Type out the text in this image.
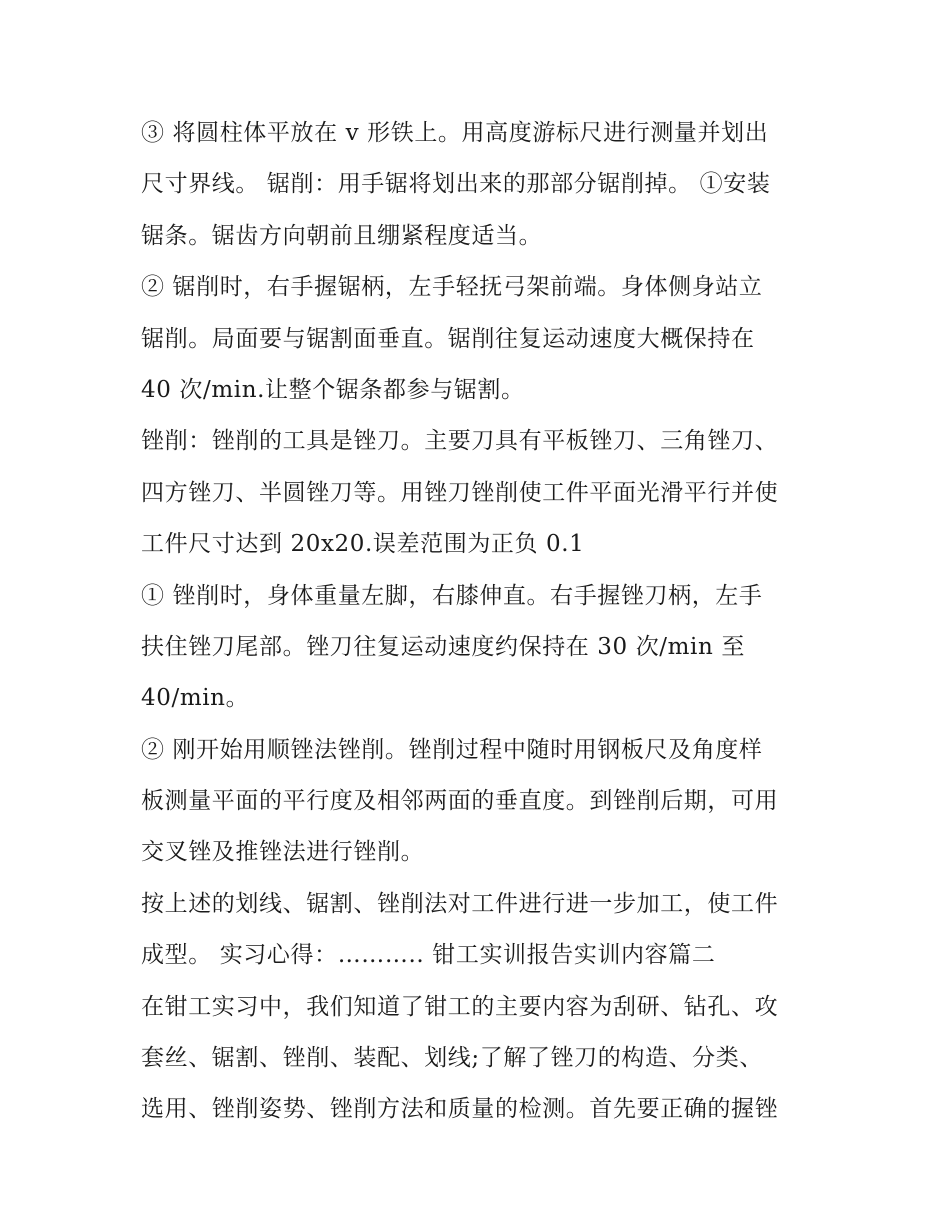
③ 将圆柱体平放在 v 形铁上。用高度游标尺进行测量并划出
尺寸界线。 锯削：用手锯将划出来的那部分锯削掉。 ①安装
锯条。锯齿方向朝前且绷紧程度适当。
② 锯削时，右手握锯柄，左手轻抚弓架前端。身体侧身站立
锯削。局面要与锯割面垂直。锯削往复运动速度大概保持在
40 次/min.让整个锯条都参与锯割。
锉削：锉削的工具是锉刀。主要刀具有平板锉刀、三角锉刀、
四方锉刀、半圆锉刀等。用锉刀锉削使工件平面光滑平行并使
工件尺寸达到 20x20.误差范围为正负 0.1
① 锉削时，身体重量左脚，右膝伸直。右手握锉刀柄，左手
扶住锉刀尾部。锉刀往复运动速度约保持在 30 次/min 至
40/min。
② 刚开始用顺锉法锉削。锉削过程中随时用钢板尺及角度样
板测量平面的平行度及相邻两面的垂直度。到锉削后期，可用
交叉锉及推锉法进行锉削。
按上述的划线、锯割、锉削法对工件进行进一步加工，使工件
成型。 实习心得：……….. 钳工实训报告实训内容篇二
在钳工实习中，我们知道了钳工的主要内容为刮研、钻孔、攻
套丝、锯割、锉削、装配、划线;了解了锉刀的构造、分类、
选用、锉削姿势、锉削方法和质量的检测。首先要正确的握锉
